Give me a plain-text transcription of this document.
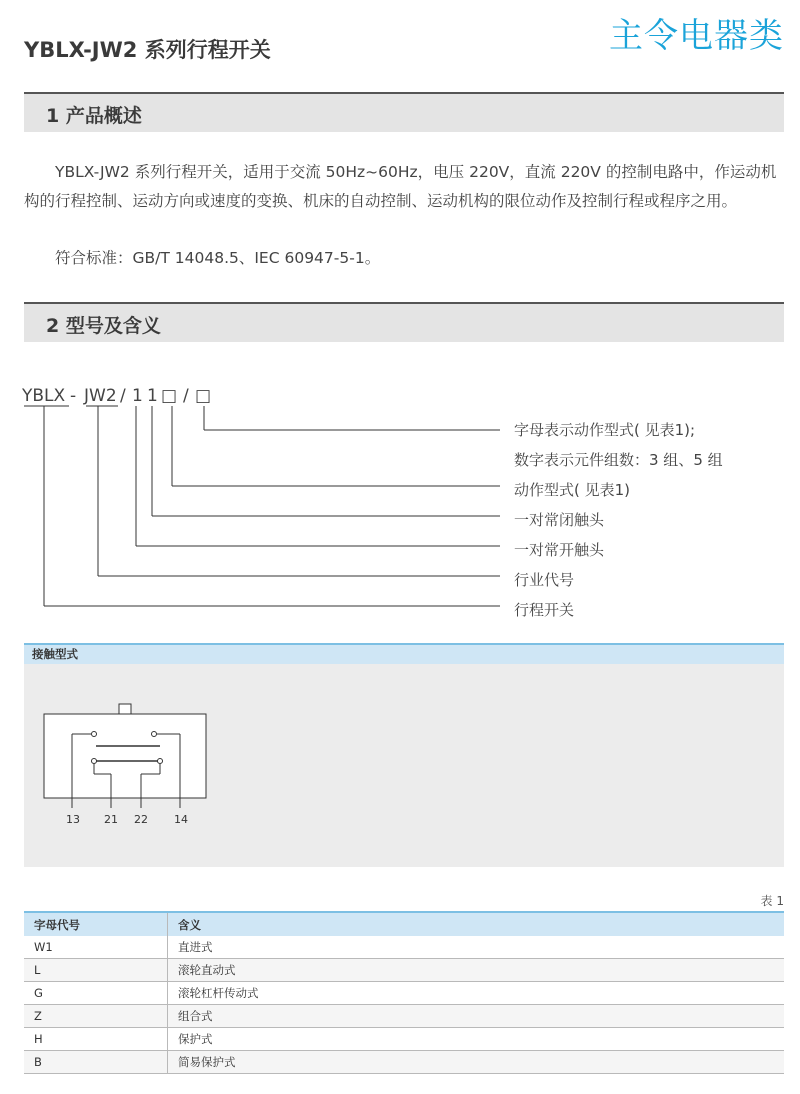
主令电器类
YBLX-JW2 系列行程开关
1 产品概述

YBLX-JW2 系列行程开关，适用于交流 50Hz~60Hz，电压 220V，直流 220V 的控制电路中，作运动机构的行程控制、运动方向或速度的变换、机床的自动控制、运动机构的限位动作及控制行程或程序之用。

符合标准：GB/T 14048.5、IEC 60947-5-1。

2 型号及含义
YBLX - JW2 / 1 1 □ / □
字母表示动作型式( 见表1);
数字表示元件组数：3 组、5 组
动作型式( 见表1)
一对常闭触头
一对常开触头
行业代号
行程开关
接触型式
13 21 22 14
表 1
字母代号	含义
W1	直进式
L	滚轮直动式
G	滚轮杠杆传动式
Z	组合式
H	保护式
B	简易保护式
